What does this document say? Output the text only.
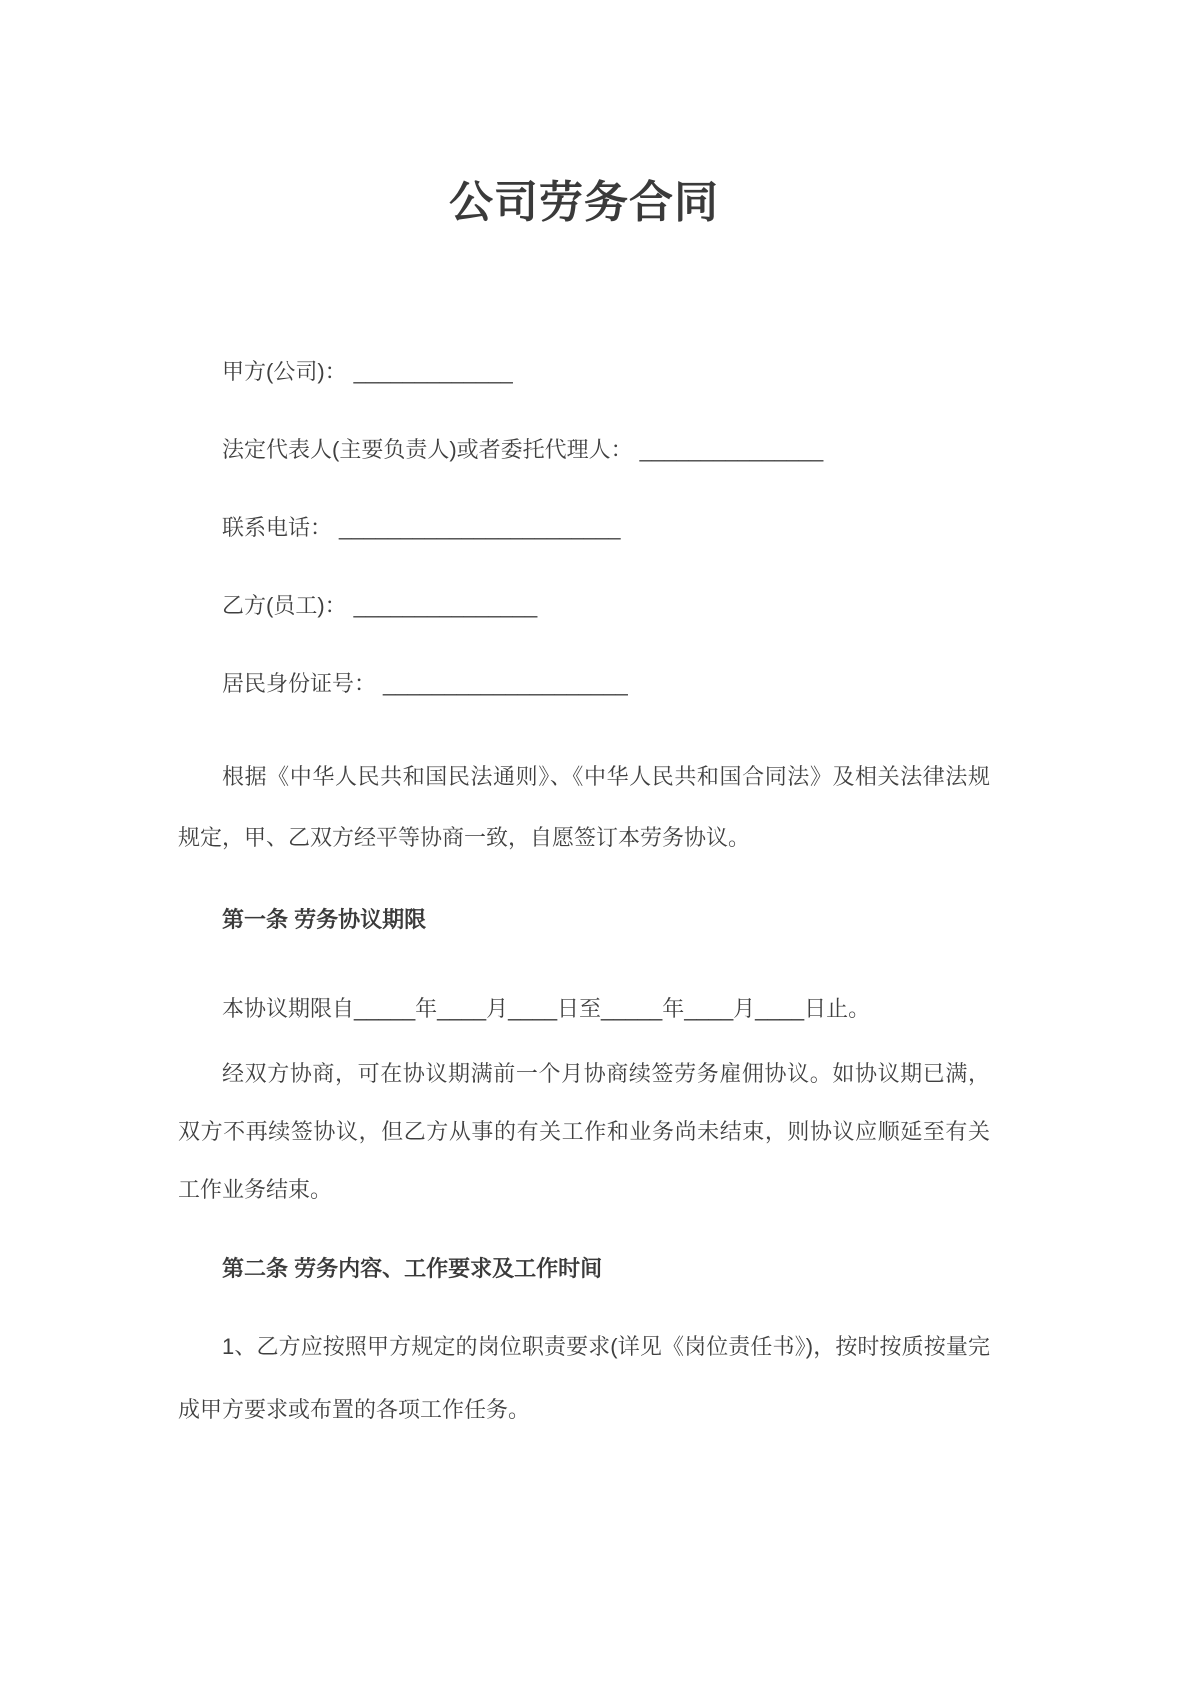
公司劳务合同
甲方(公司)： _____________
法定代表人(主要负责人)或者委托代理人： _______________
联系电话： _______________________
乙方(员工)： _______________
居民身份证号： ____________________

根据《中华人民共和国民法通则》、《中华人民共和国合同法》及相关法律法规规定，甲、乙双方经平等协商一致，自愿签订本劳务协议。

第一条 劳务协议期限

本协议期限自_____年____月____日至_____年____月____日止。

经双方协商，可在协议期满前一个月协商续签劳务雇佣协议。如协议期已满，双方不再续签协议，但乙方从事的有关工作和业务尚未结束，则协议应顺延至有关工作业务结束。

第二条 劳务内容、工作要求及工作时间

1、乙方应按照甲方规定的岗位职责要求(详见《岗位责任书》)，按时按质按量完成甲方要求或布置的各项工作任务。
